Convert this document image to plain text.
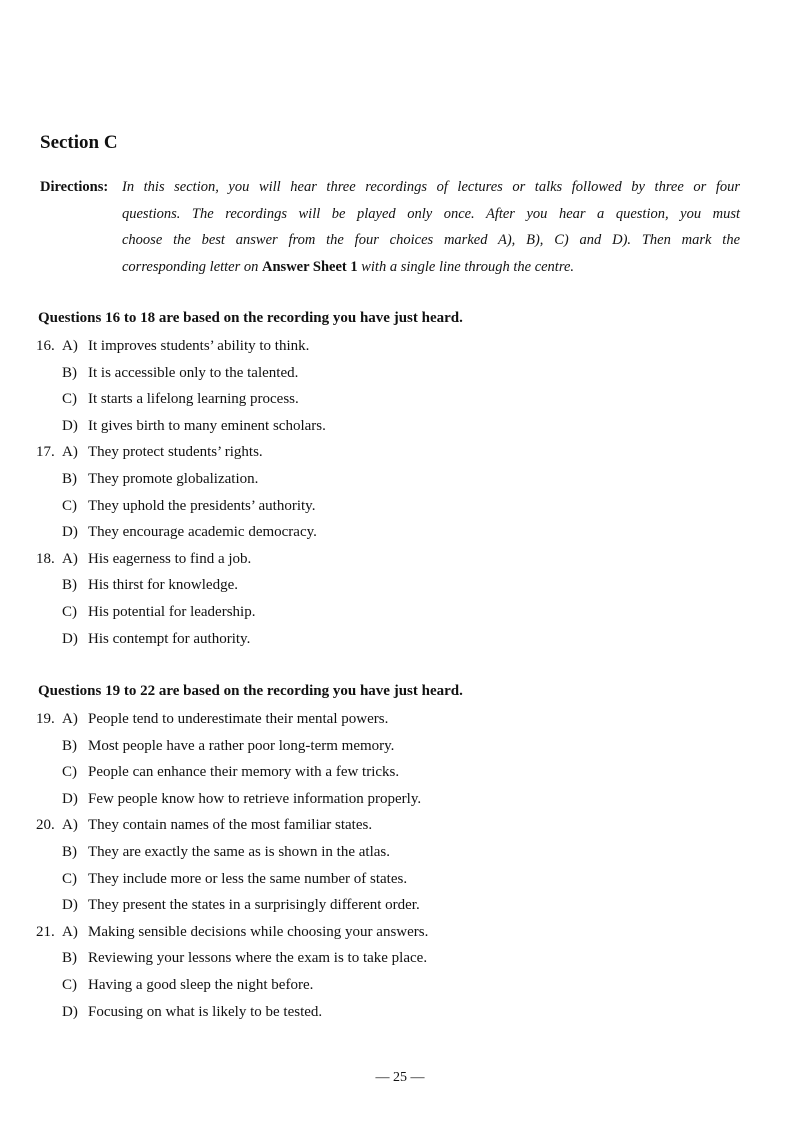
Section C
Directions: In this section, you will hear three recordings of lectures or talks followed by three or four
questions. The recordings will be played only once. After you hear a question, you must
choose the best answer from the four choices marked A), B), C) and D). Then mark the
corresponding letter on Answer Sheet 1 with a single line through the centre.
Questions 16 to 18 are based on the recording you have just heard.
16. A) It improves students’ ability to think.
B) It is accessible only to the talented.
C) It starts a lifelong learning process.
D) It gives birth to many eminent scholars.
17. A) They protect students’ rights.
B) They promote globalization.
C) They uphold the presidents’ authority.
D) They encourage academic democracy.
18. A) His eagerness to find a job.
B) His thirst for knowledge.
C) His potential for leadership.
D) His contempt for authority.
Questions 19 to 22 are based on the recording you have just heard.
19. A) People tend to underestimate their mental powers.
B) Most people have a rather poor long-term memory.
C) People can enhance their memory with a few tricks.
D) Few people know how to retrieve information properly.
20. A) They contain names of the most familiar states.
B) They are exactly the same as is shown in the atlas.
C) They include more or less the same number of states.
D) They present the states in a surprisingly different order.
21. A) Making sensible decisions while choosing your answers.
B) Reviewing your lessons where the exam is to take place.
C) Having a good sleep the night before.
D) Focusing on what is likely to be tested.
— 25 —
